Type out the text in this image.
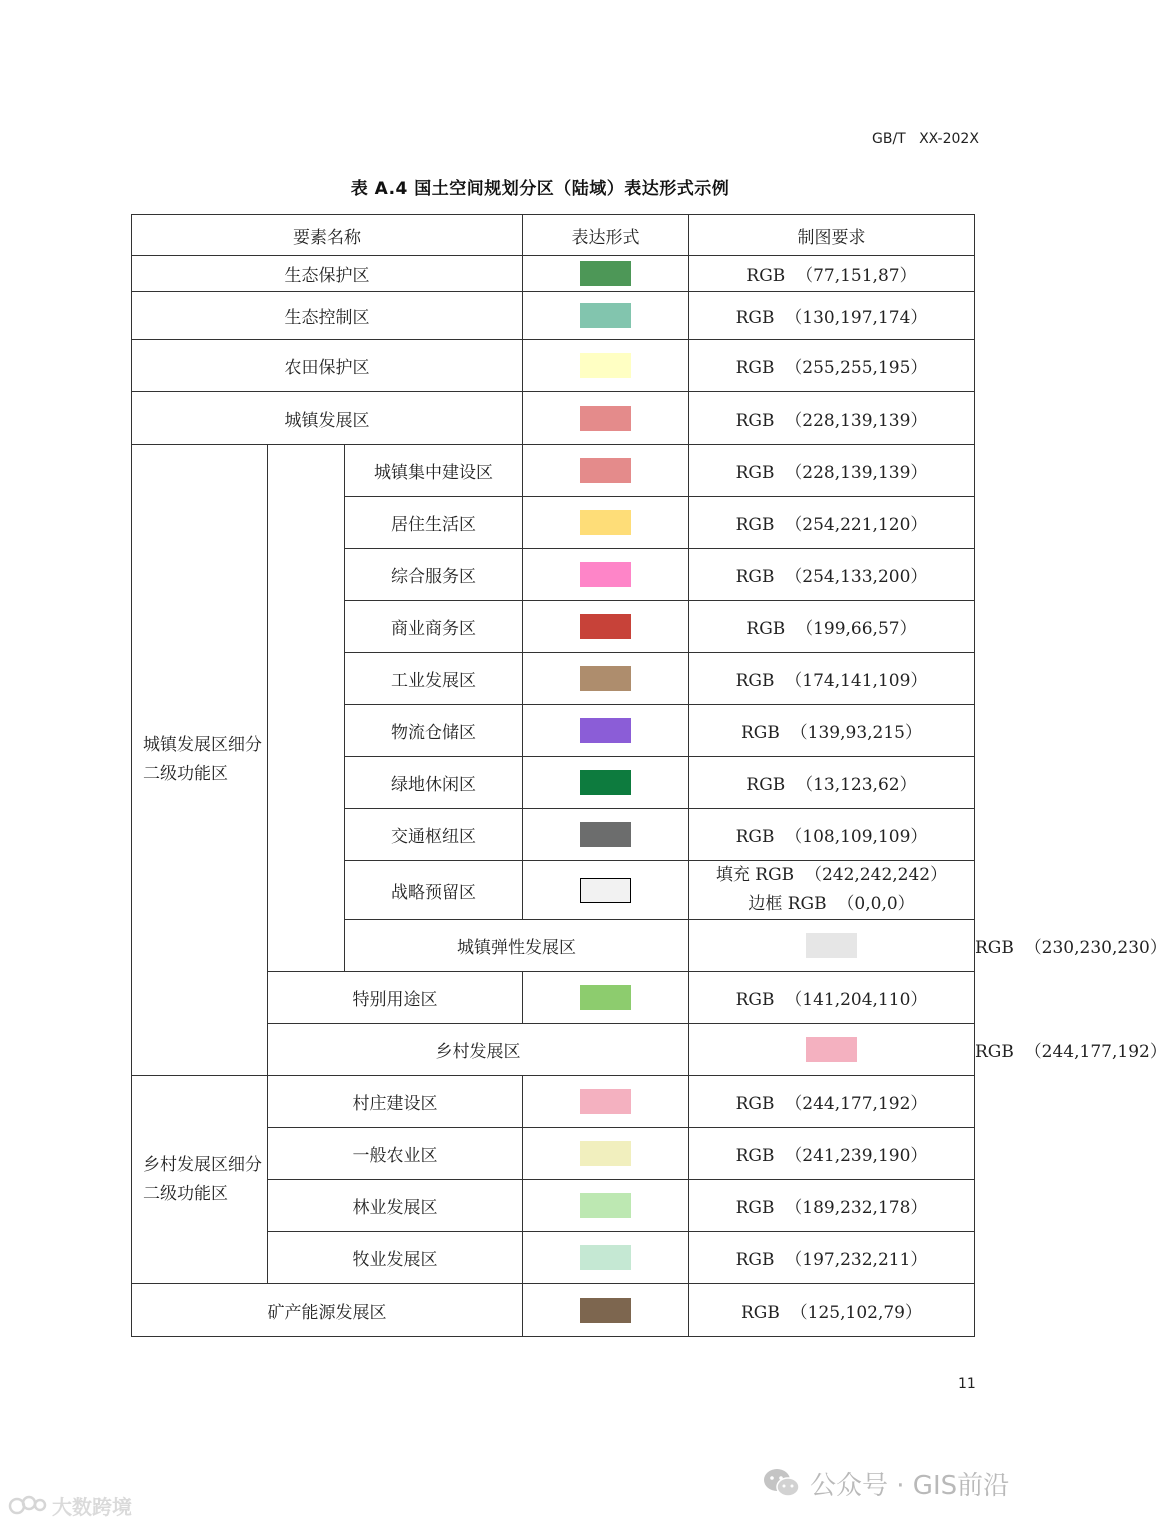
GB/T   XX-202X
表 A.4 国土空间规划分区（陆域）表达形式示例
要素名称			表达形式	制图要求	
生态保护区				RGB  （77,151,87）	
生态控制区				RGB  （130,197,174）	
农田保护区				RGB  （255,255,195）	
城镇发展区				RGB  （228,139,139）	
城镇发展区细分二级功能区		城镇集中建设区		RGB  （228,139,139）	
		居住生活区		RGB  （254,221,120）	
		综合服务区		RGB  （254,133,200）	
		商业商务区		RGB  （199,66,57）	
		工业发展区		RGB  （174,141,109）	
		物流仓储区		RGB  （139,93,215）	
		绿地休闲区		RGB  （13,123,62）	
		交通枢纽区		RGB  （108,109,109）	
		战略预留区		填充 RGB  （242,242,242）
边框 RGB  （0,0,0）	

		城镇弹性发展区			RGB  （230,230,230）
	特别用途区			RGB  （141,204,110）	
	乡村发展区				RGB  （244,177,192）
乡村发展区细分二级功能区	村庄建设区			RGB  （244,177,192）	
	一般农业区			RGB  （241,239,190）	
	林业发展区			RGB  （189,232,178）	
	牧业发展区			RGB  （197,232,211）	
矿产能源发展区				RGB  （125,102,79）	
11
公众号 · GIS前沿
大数跨境
